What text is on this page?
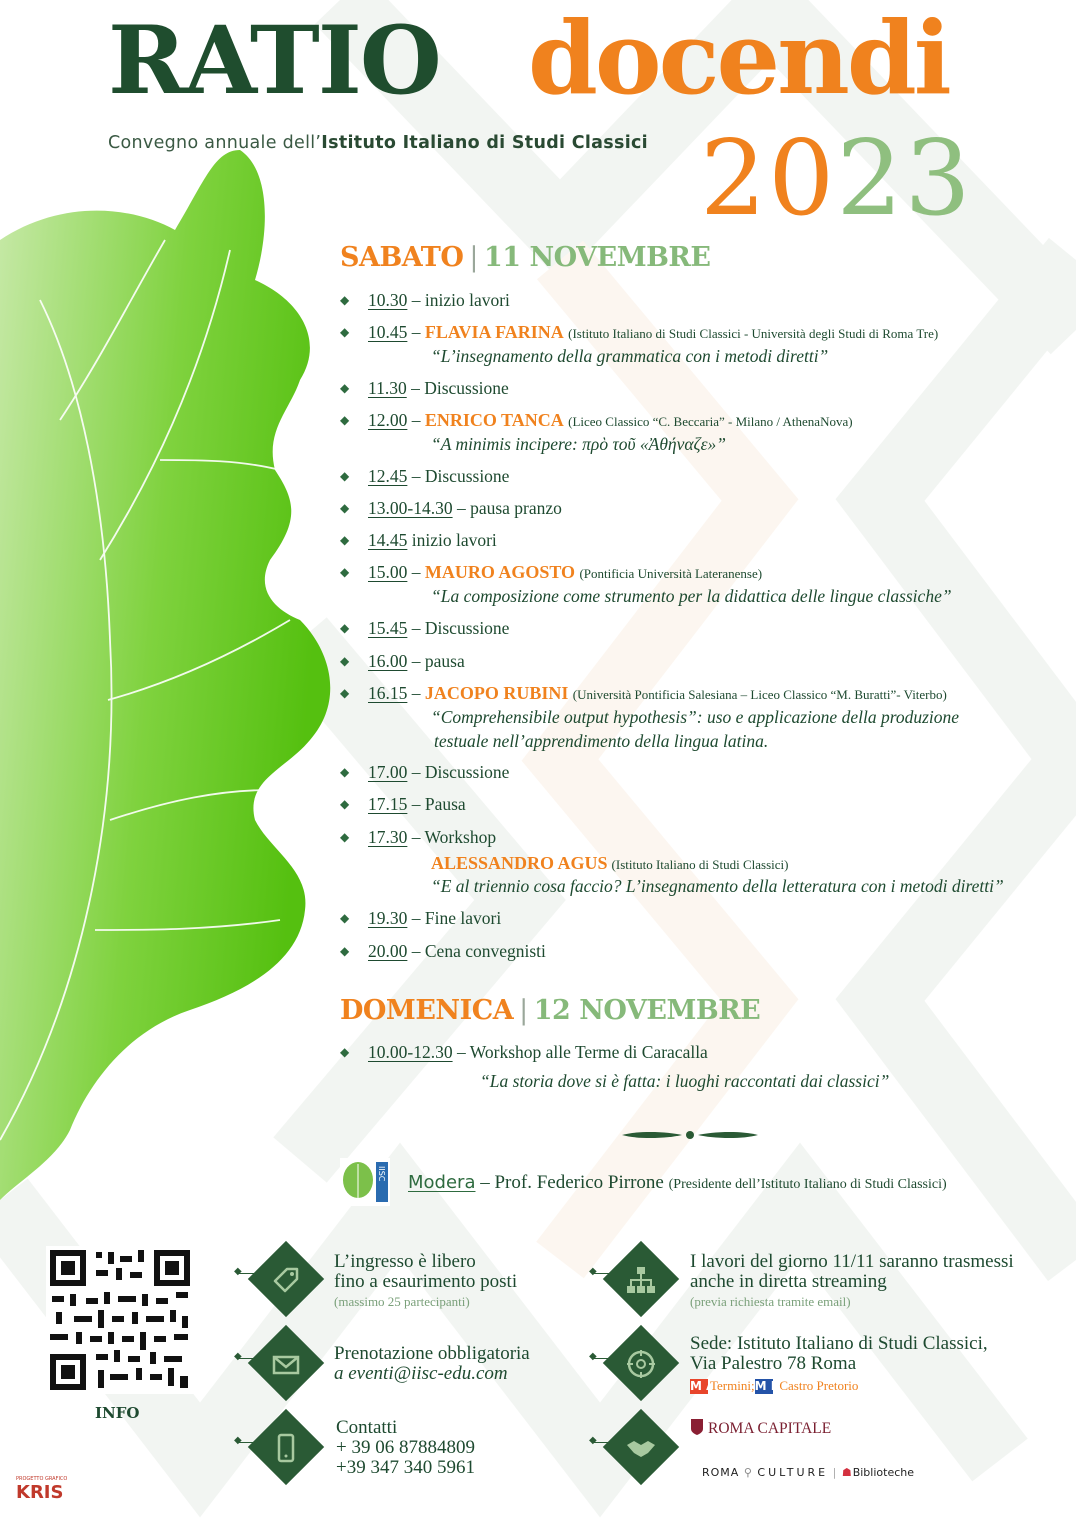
RATIO docendi
Convegno annuale dell’Istituto Italiano di Studi Classici 2023
SABATO | 11 NOVEMBRE
◆ 10.30 – inizio lavori
◆ 10.45 – FLAVIA FARINA (Istituto Italiano di Studi Classici - Università degli Studi di Roma Tre)
“L’insegnamento della grammatica con i metodi diretti”
◆ 11.30 – Discussione
◆ 12.00 – ENRICO TANCA (Liceo Classico “C. Beccaria” - Milano / AthenaNova)
“A minimis incipere: πρὸ τοῦ «Ἀθήναζε»”
◆ 12.45 – Discussione
◆ 13.00-14.30 – pausa pranzo
◆ 14.45 inizio lavori
◆ 15.00 – MAURO AGOSTO (Pontificia Università Lateranense)
“La composizione come strumento per la didattica delle lingue classiche”
◆ 15.45 – Discussione
◆ 16.00 – pausa
◆ 16.15 – JACOPO RUBINI (Università Pontificia Salesiana – Liceo Classico “M. Buratti”- Viterbo)
“Comprehensibile output hypothesis”: uso e applicazione della produzione
testuale nell’apprendimento della lingua latina.
◆ 17.00 – Discussione
◆ 17.15 – Pausa
◆ 17.30 – Workshop
ALESSANDRO AGUS (Istituto Italiano di Studi Classici)
“E al triennio cosa faccio? L’insegnamento della letteratura con i metodi diretti”
◆ 19.30 – Fine lavori
◆ 20.00 – Cena convegnisti
DOMENICA | 12 NOVEMBRE
◆ 10.00-12.30 – Workshop alle Terme di Caracalla
“La storia dove si è fatta: i luoghi raccontati dai classici”
IISC Modera – Prof. Federico Pirrone (Presidente dell’Istituto Italiano di Studi Classici)
INFO
PROGETTO GRAFICO
KRIS
◆	L’ingresso è libero
fino a esaurimento posti
(massimo 25 partecipanti)
◆	Prenotazione obbligatoria
a eventi@iisc-edu.com
◆
Contatti
+ 39 06 87884809
+39 347 340 5961
◆	I lavori del giorno 11/11 saranno trasmessi
anche in diretta streaming
(previa richiesta tramite email)
◆
Sede: Istituto Italiano di Studi Classici,
Via Palestro 78 Roma
M ATermini;M B Castro Pretorio
◆
ROMA CAPITALE
ROMA ⚲ CULTURE | ☗Biblioteche
